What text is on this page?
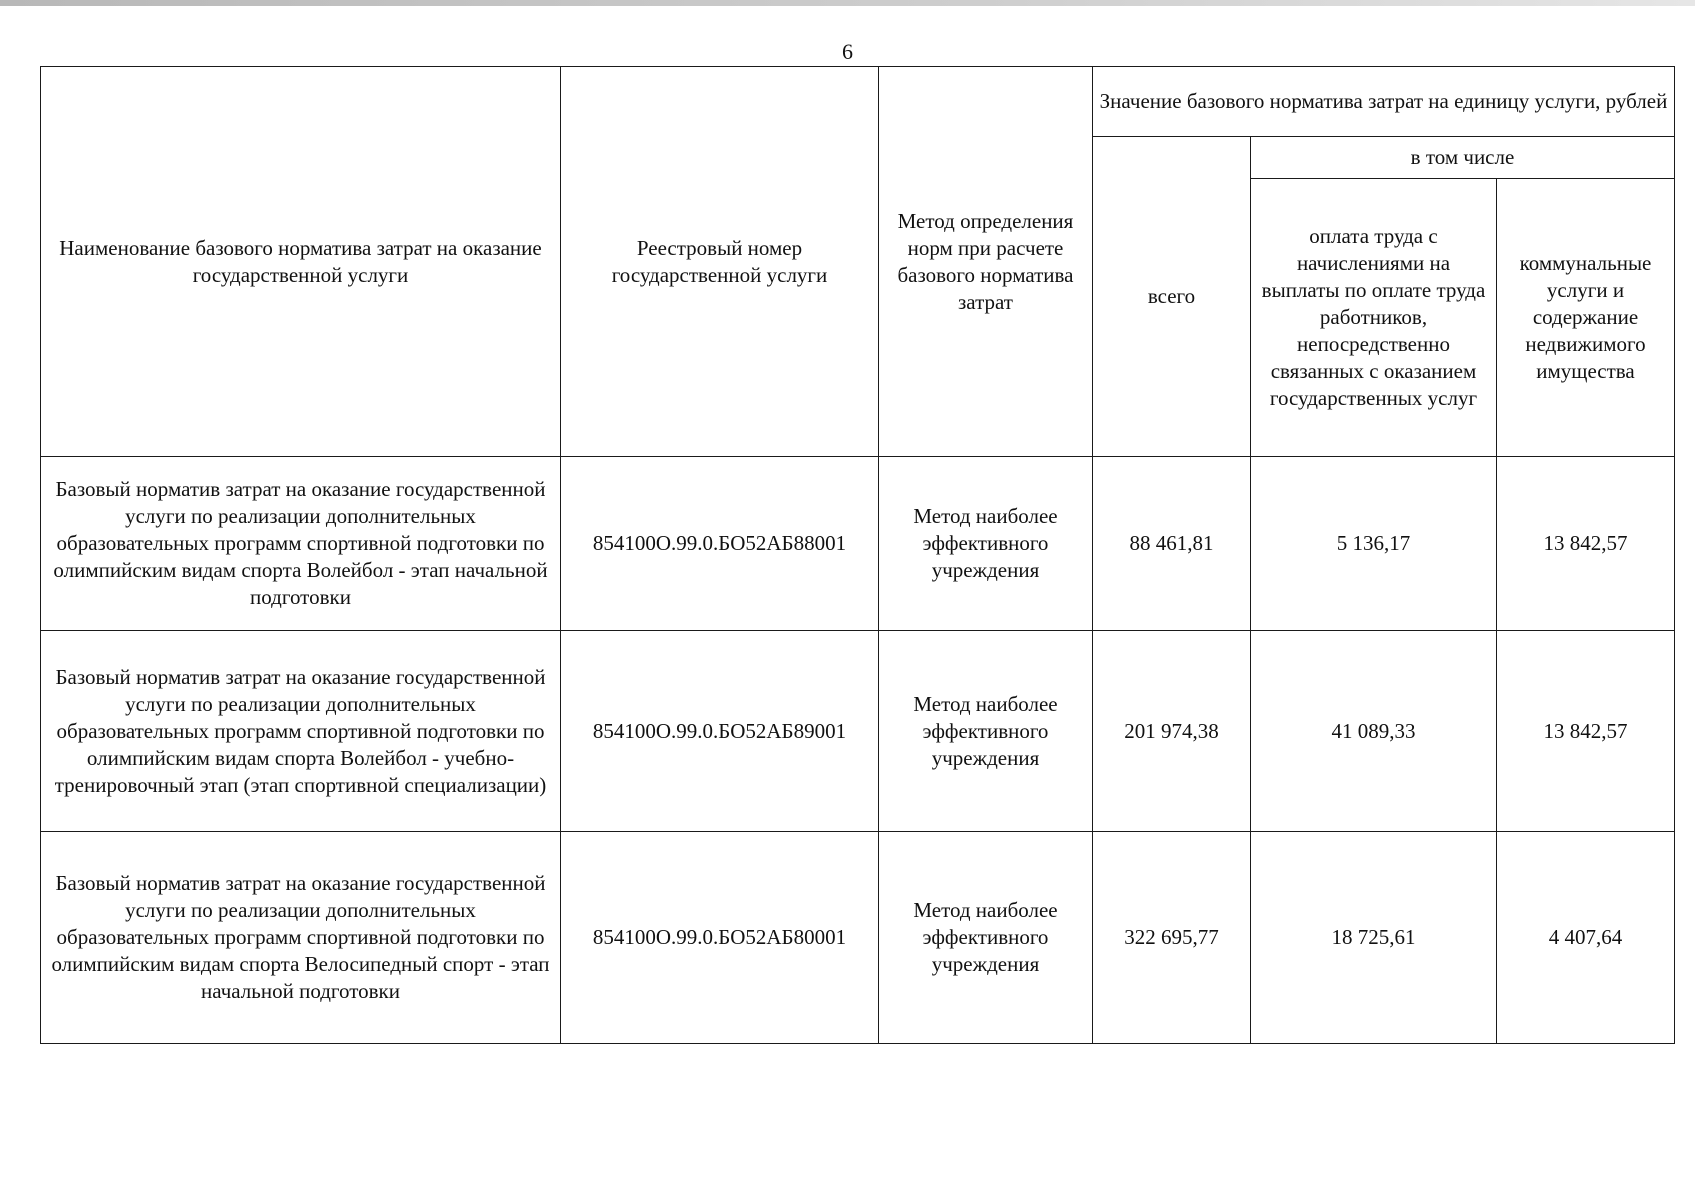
6
Наименование базового норматива затрат на оказание государственной услуги	Реестровый номер государственной услуги	Метод определения норм при расчете базового норматива затрат	Значение базового норматива затрат на единицу услуги, рублей		
			всего	в том числе	
				оплата труда с начислениями на выплаты по оплате труда работников, непосредственно связанных с оказанием государственных услуг	коммунальные услуги и содержание недвижимого имущества
Базовый норматив затрат на оказание государственной услуги по реализации дополнительных образовательных программ спортивной подготовки по олимпийским видам спорта Волейбол - этап начальной подготовки	854100О.99.0.БО52АБ88001	Метод наиболее эффективного учреждения	88 461,81	5 136,17	13 842,57
Базовый норматив затрат на оказание государственной услуги по реализации дополнительных образовательных программ спортивной подготовки по олимпийским видам спорта Волейбол - учебно-тренировочный этап (этап спортивной специализации)	854100О.99.0.БО52АБ89001	Метод наиболее эффективного учреждения	201 974,38	41 089,33	13 842,57
Базовый норматив затрат на оказание государственной услуги по реализации дополнительных образовательных программ спортивной подготовки по олимпийским видам спорта Велосипедный спорт - этап начальной подготовки	854100О.99.0.БО52АБ80001	Метод наиболее эффективного учреждения	322 695,77	18 725,61	4 407,64
